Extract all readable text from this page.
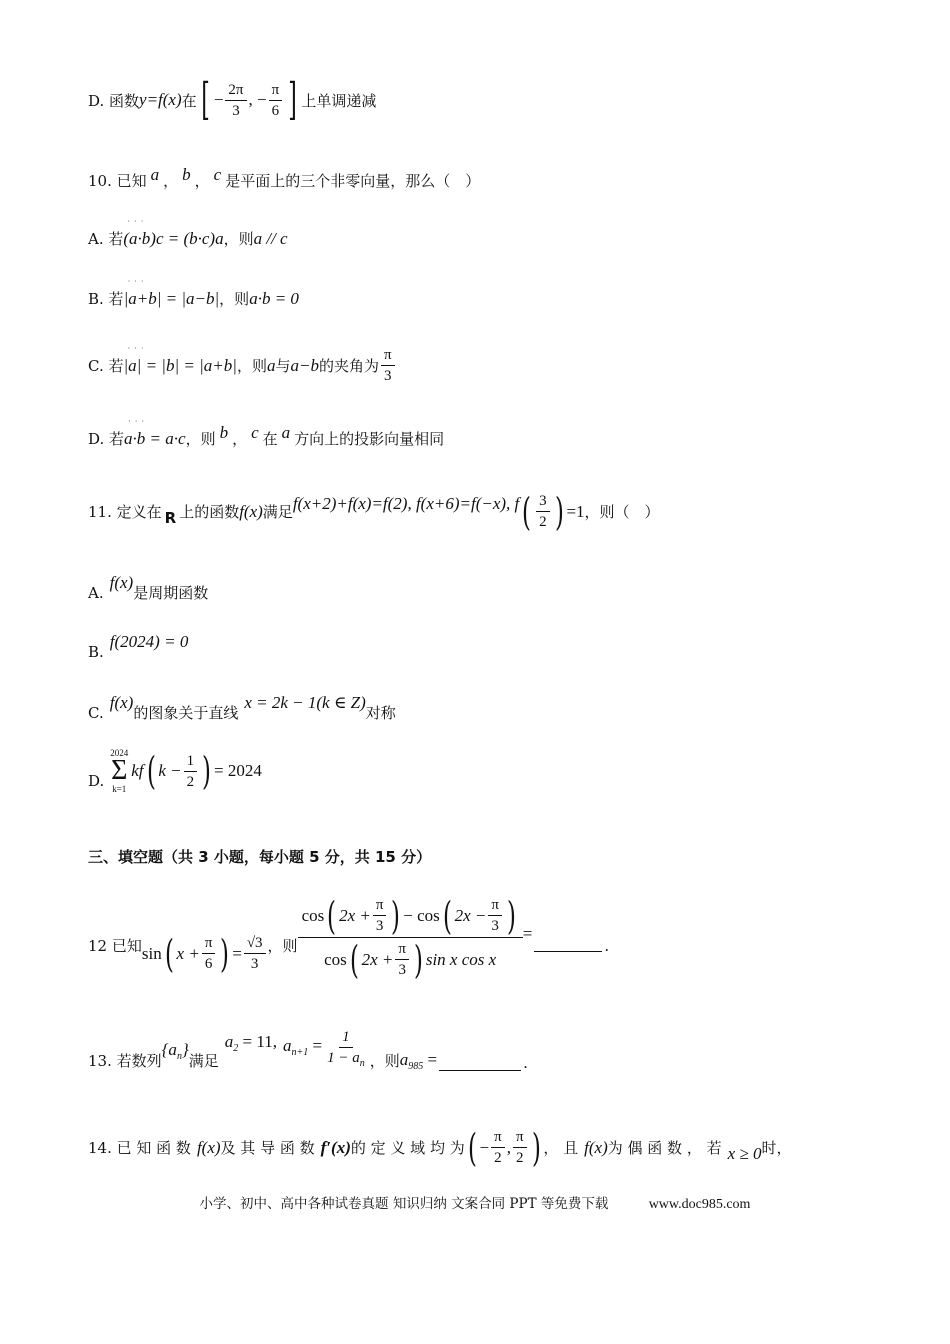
D. 函数 y=f(x) 在 [ − $\frac{2\pi}{3}$ , − $\frac{\pi}{6}$ ] 上单调递减
10. 已知 a ， b ， c 是平面上的三个非零向量，那么（　）
A. 若 · · · (a·b)c = (b·c)a ，则 a // c
B. 若 · · · |a+b| = |a−b| ，则 a·b = 0
C. 若 · · · |a| = |b| = |a+b| ，则 a 与 a−b 的夹角为 $\frac{\pi}{3}$
D. 若 · · · a·b = a·c ，则 b ， c 在 a 方向上的投影向量相同
11. 定义在 R 上的函数 f(x) 满足 f(x+2)+f(x)=f(2), f(x+6)=f(−x), f ( $\frac{3}{2}$ ) =1 ，则（　）
A.
f(x)
是周期函数
B.
f(2024) = 0
C.
f(x)
的图象关于直线
x = 2k − 1(k ∈ Z)
对称
D.
2024
Σ
k=1
kf ( $k - \frac{1}{2}$ ) = 2024
三、填空题（共 3 小题，每小题 5 分，共 15 分）
12 已知 sin ( $x + \frac{\pi}{6}$ ) = $\frac{√3}{3}$ ，则 $\frac{\cos ( 2x + \frac{\pi}{3} ) - \cos ( 2x - \frac{\pi}{3} )}{\cos ( 2x + \frac{\pi}{3} ) \sin x \cos x}$ =
.
13. 若数列
$\{a_n\}$
满足
$a_2 = 11$, $a_{n+1} = \frac{1}{1 - a_n}$ ，则 $a_{985}$ =	.
14. 已 知 函 数 f(x) 及 其 导 函 数 f′(x) 的 定 义 域 均 为 ( − $\frac{\pi}{2}$ , $\frac{\pi}{2}$ ) ， 且 f(x) 为 偶 函 数 ， 若 x ≥ 0 时，
小学、初中、高中各种试卷真题 知识归纳 文案合同 PPT 等免费下载	www.doc985.com
